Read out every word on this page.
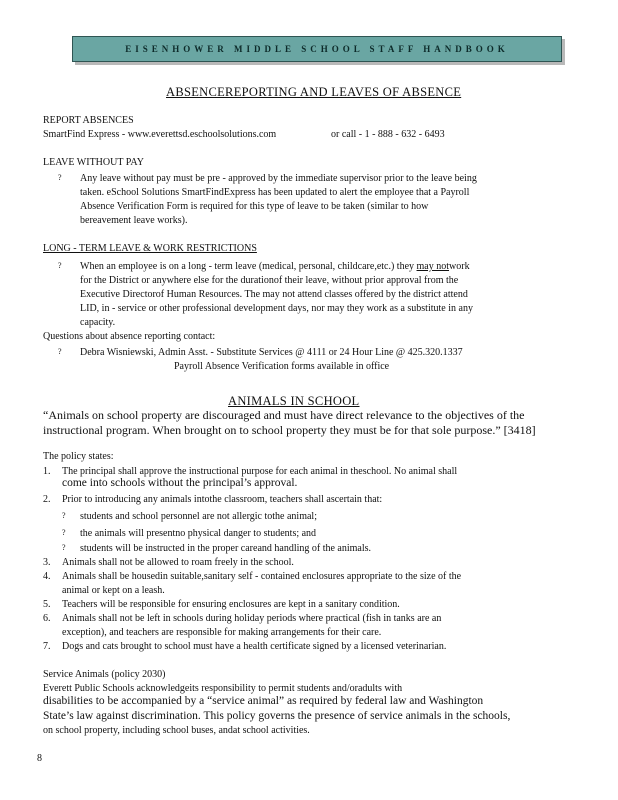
EISENHOWER MIDDLE SCHOOL STAFF HANDBOOK
ABSENCEREPORTING AND LEAVES OF ABSENCE
REPORT ABSENCES
SmartFind Express - www.everettsd.eschoolsolutions.com	or call - 1 - 888 - 632 - 6493
LEAVE WITHOUT PAY
? Any leave without pay must be pre - approved by the immediate supervisor prior to the leave being
taken. eSchool Solutions SmartFindExpress has been updated to alert the employee that a Payroll
Absence Verification Form is required for this type of leave to be taken (similar to how
bereavement leave works).
LONG - TERM LEAVE & WORK RESTRICTIONS
? When an employee is on a long - term leave (medical, personal, childcare,etc.) they may notwork
for the District or anywhere else for the durationof their leave, without prior approval from the
Executive Directorof Human Resources. The may not attend classes offered by the district attend
LID, in - service or other professional development days, nor may they work as a substitute in any
capacity.
Questions about absence reporting contact:
? Debra Wisniewski, Admin Asst. - Substitute Services @ 4111 or 24 Hour Line @ 425.320.1337
Payroll Absence Verification forms available in office
ANIMALS IN SCHOOL
“Animals on school property are discouraged and must have direct relevance to the objectives of the
instructional program. When brought on to school property they must be for that sole purpose.” [3418]
The policy states:
1. The principal shall approve the instructional purpose for each animal in theschool. No animal shall
come into schools without the principal’s approval.
2. Prior to introducing any animals intothe classroom, teachers shall ascertain that:
? students and school personnel are not allergic tothe animal;
? the animals will presentno physical danger to students; and
? students will be instructed in the proper careand handling of the animals.
3. Animals shall not be allowed to roam freely in the school.
4. Animals shall be housedin suitable,sanitary self - contained enclosures appropriate to the size of the
animal or kept on a leash.
5. Teachers will be responsible for ensuring enclosures are kept in a sanitary condition.
6. Animals shall not be left in schools during holiday periods where practical (fish in tanks are an
exception), and teachers are responsible for making arrangements for their care.
7. Dogs and cats brought to school must have a health certificate signed by a licensed veterinarian.
Service Animals (policy 2030)
Everett Public Schools acknowledgeits responsibility to permit students and/oradults with
disabilities to be accompanied by a “service animal” as required by federal law and Washington
State’s law against discrimination. This policy governs the presence of service animals in the schools,
on school property, including school buses, andat school activities.
8
